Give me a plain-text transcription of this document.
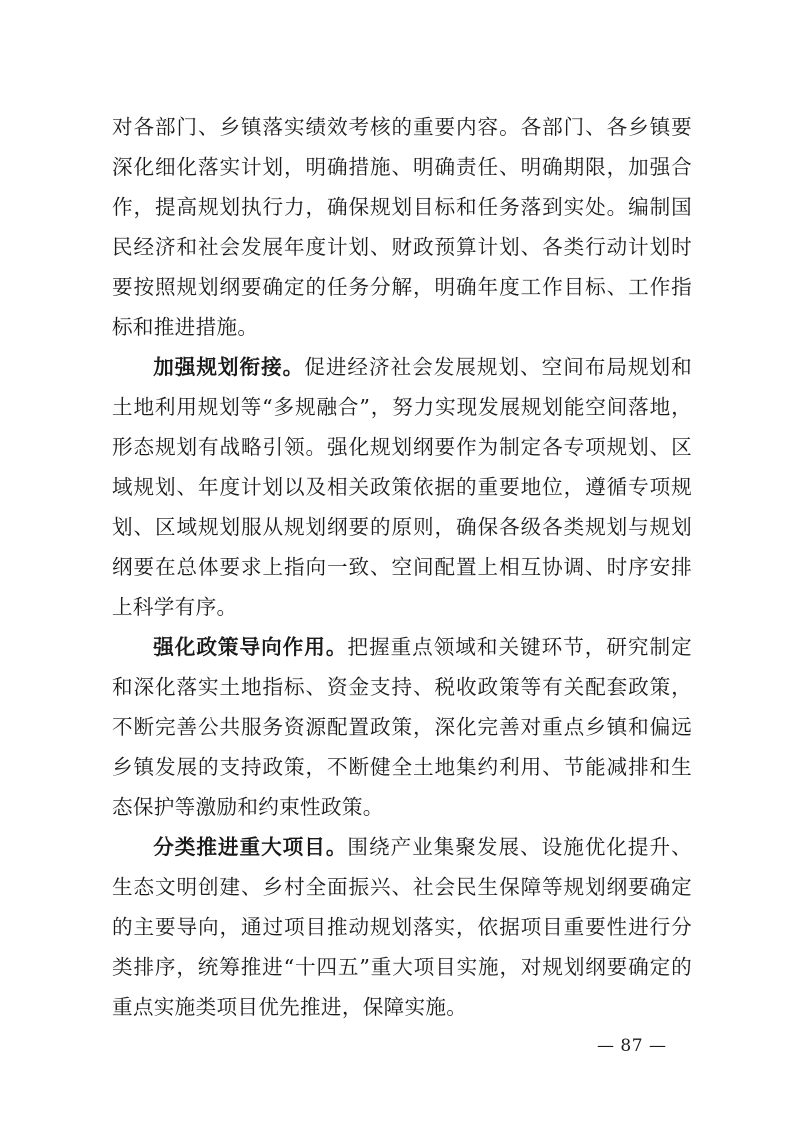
对各部门、乡镇落实绩效考核的重要内容。各部门、各乡镇要深化细化落实计划，明确措施、明确责任、明确期限，加强合作，提高规划执行力，确保规划目标和任务落到实处。编制国民经济和社会发展年度计划、财政预算计划、各类行动计划时要按照规划纲要确定的任务分解，明确年度工作目标、工作指标和推进措施。

加强规划衔接。促进经济社会发展规划、空间布局规划和土地利用规划等“多规融合”，努力实现发展规划能空间落地，形态规划有战略引领。强化规划纲要作为制定各专项规划、区域规划、年度计划以及相关政策依据的重要地位，遵循专项规划、区域规划服从规划纲要的原则，确保各级各类规划与规划纲要在总体要求上指向一致、空间配置上相互协调、时序安排上科学有序。

强化政策导向作用。把握重点领域和关键环节，研究制定和深化落实土地指标、资金支持、税收政策等有关配套政策，不断完善公共服务资源配置政策，深化完善对重点乡镇和偏远乡镇发展的支持政策，不断健全土地集约利用、节能减排和生态保护等激励和约束性政策。

分类推进重大项目。围绕产业集聚发展、设施优化提升、生态文明创建、乡村全面振兴、社会民生保障等规划纲要确定的主要导向，通过项目推动规划落实，依据项目重要性进行分类排序，统筹推进“十四五”重大项目实施，对规划纲要确定的重点实施类项目优先推进，保障实施。

— 87 —
